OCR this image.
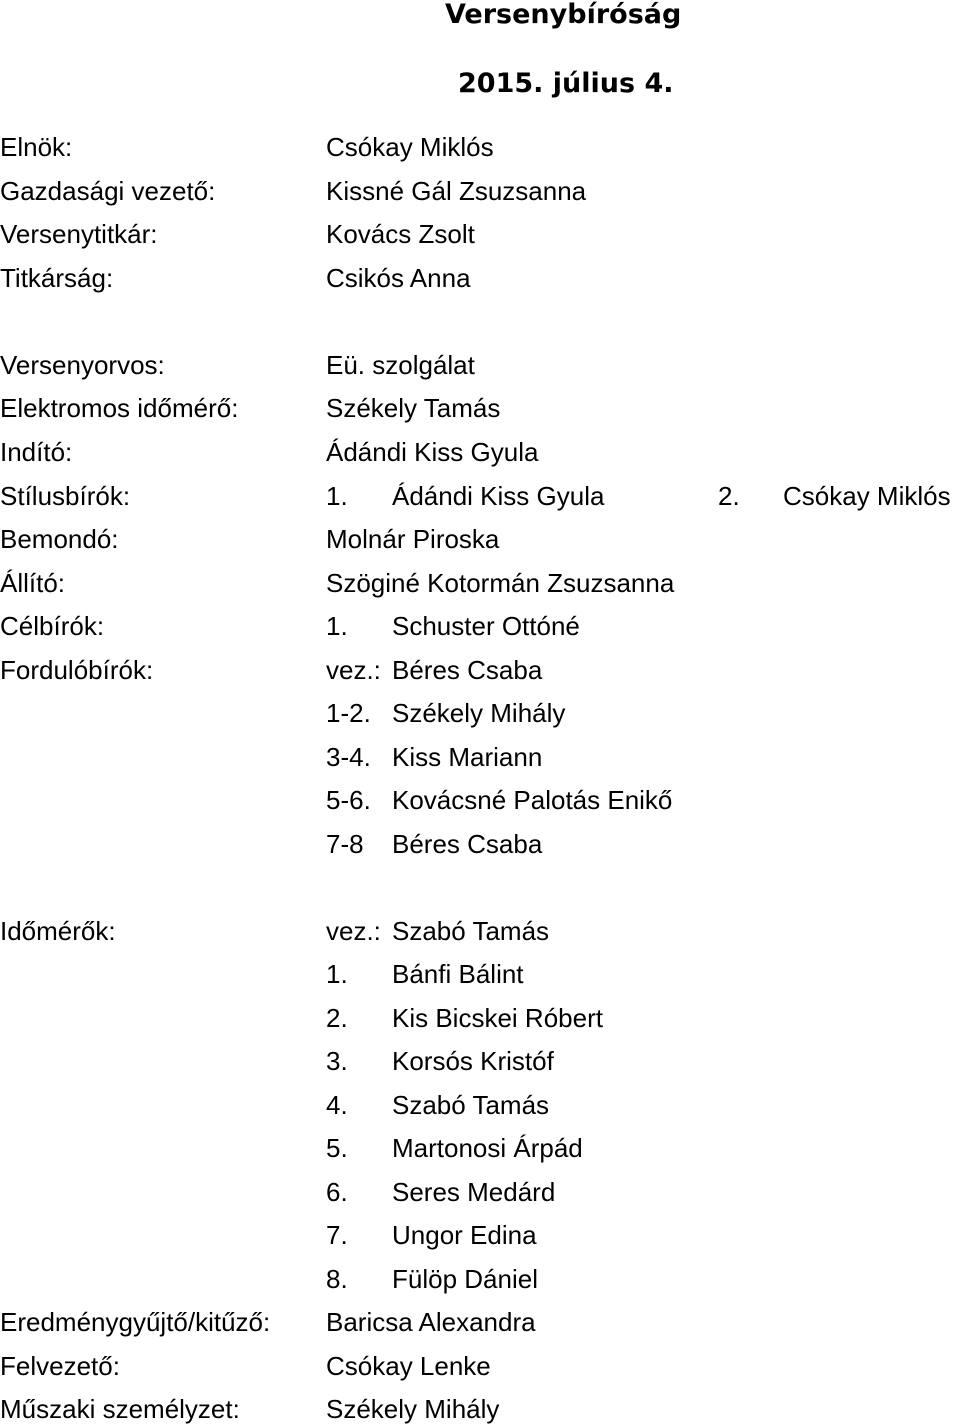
Versenybíróság
2015. július 4.
Elnök:	Csókay Miklós
Gazdasági vezető:	Kissné Gál Zsuzsanna
Versenytitkár:	Kovács Zsolt
Titkárság:	Csikós Anna
Versenyorvos:	Eü. szolgálat
Elektromos időmérő:	Székely Tamás
Indító:	Ádándi Kiss Gyula
Stílusbírók:	1. Ádándi Kiss Gyula	2. Csókay Miklós
Bemondó:	Molnár Piroska
Állító:	Szöginé Kotormán Zsuzsanna
Célbírók:	1. Schuster Ottóné
Fordulóbírók:	vez.: Béres Csaba
1-2. Székely Mihály
3-4. Kiss Mariann
5-6. Kovácsné Palotás Enikő
7-8 Béres Csaba
Időmérők:	vez.: Szabó Tamás
1. Bánfi Bálint
2. Kis Bicskei Róbert
3. Korsós Kristóf
4. Szabó Tamás
5. Martonosi Árpád
6. Seres Medárd
7. Ungor Edina
8. Fülöp Dániel
Eredménygyűjtő/kitűző: Baricsa Alexandra
Felvezető:	Csókay Lenke
Műszaki személyzet:	Székely Mihály
